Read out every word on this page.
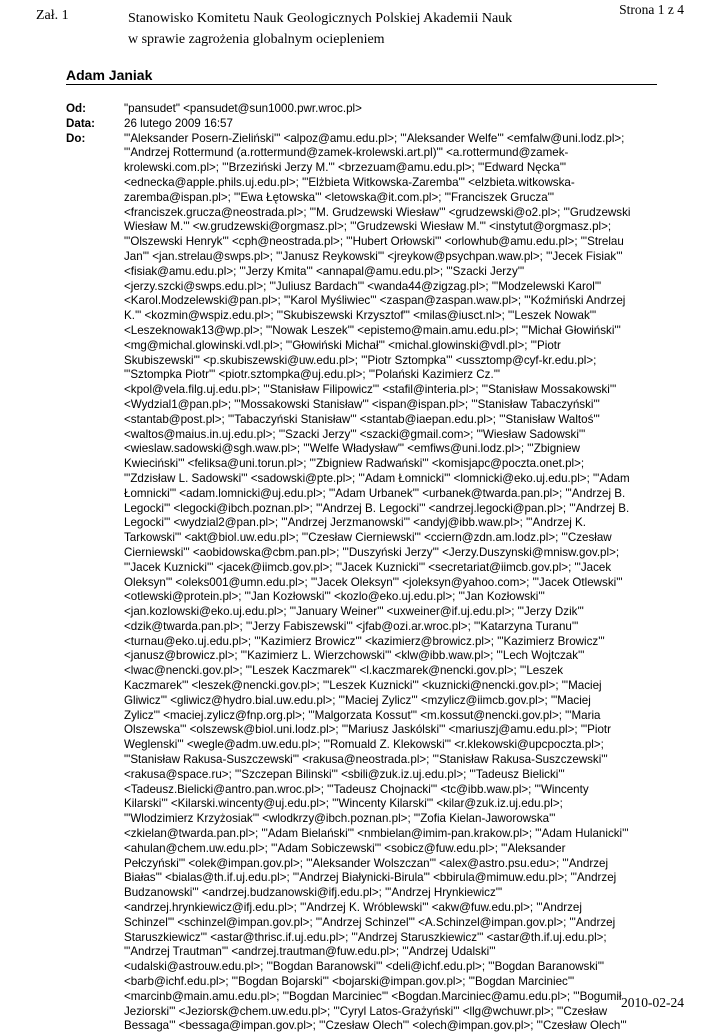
Zał. 1	Stanowisko Komitetu Nauk Geologicznych Polskiej Akademii Nauk
w sprawie zagrożenia globalnym ociepleniem
Strona 1 z 4
Adam Janiak
Od:	"pansudet" <pansudet@sun1000.pwr.wroc.pl>
Data:	26 lutego 2009 16:57
Do:	"'Aleksander Posern-Zieliński'" <alpoz@amu.edu.pl>; "'Aleksander Welfe'" <emfalw@uni.lodz.pl>;
"'Andrzej Rottermund (a.rottermund@zamek-krolewski.art.pl)'" <a.rottermund@zamek-
krolewski.com.pl>; "'Brzeziński Jerzy M.'" <brzezuam@amu.edu.pl>; "'Edward Nęcka'"
<ednecka@apple.phils.uj.edu.pl>; "'Elżbieta Witkowska-Zaremba'" <elzbieta.witkowska-
zaremba@ispan.pl>; "'Ewa Łętowska'" <letowska@it.com.pl>; "'Franciszek Grucza'"
<franciszek.grucza@neostrada.pl>; "'M. Grudzewski Wiesław'" <grudzewski@o2.pl>; "'Grudzewski
Wiesław M.'" <w.grudzewski@orgmasz.pl>; "'Grudzewski Wiesław M.'" <instytut@orgmasz.pl>;
"'Olszewski Henryk'" <cph@neostrada.pl>; "'Hubert Orłowski'" <orlowhub@amu.edu.pl>; "'Strelau
Jan'" <jan.strelau@swps.pl>; "'Janusz Reykowski'" <jreykow@psychpan.waw.pl>; "'Jecek Fisiak'"
<fisiak@amu.edu.pl>; "'Jerzy Kmita'" <annapal@amu.edu.pl>; "'Szacki Jerzy'"
<jerzy.szcki@swps.edu.pl>; "'Juliusz Bardach'" <wanda44@zigzag.pl>; "'Modzelewski Karol'"
<Karol.Modzelewski@pan.pl>; "'Karol Myśliwiec'" <zaspan@zaspan.waw.pl>; "'Koźmiński Andrzej
K.'" <kozmin@wspiz.edu.pl>; "'Skubiszewski Krzysztof'" <milas@iusct.nl>; "'Leszek Nowak'"
<Leszeknowak13@wp.pl>; "'Nowak Leszek'" <epistemo@main.amu.edu.pl>; "'Michał Głowiński'"
<mg@michal.glowinski.vdl.pl>; "'Głowiński Michał'" <michal.glowinski@vdl.pl>; "'Piotr
Skubiszewski'" <p.skubiszewski@uw.edu.pl>; "'Piotr Sztompka'" <ussztomp@cyf-kr.edu.pl>;
"'Sztompka Piotr'" <piotr.sztompka@uj.edu.pl>; "'Polański Kazimierz Cz.'"
<kpol@vela.filg.uj.edu.pl>; "'Stanisław Filipowicz'" <stafil@interia.pl>; "'Stanisław Mossakowski'"
<Wydzial1@pan.pl>; "'Mossakowski Stanisław'" <ispan@ispan.pl>; "'Stanisław Tabaczyński'"
<stantab@post.pl>; "'Tabaczyński Stanisław'" <stantab@iaepan.edu.pl>; "'Stanisław Waltoś'"
<waltos@maius.in.uj.edu.pl>; "'Szacki Jerzy'" <szacki@gmail.com>; "'Wiesław Sadowski'"
<wieslaw.sadowski@sgh.waw.pl>; "'Welfe Władysław'" <emfiws@uni.lodz.pl>; "'Zbigniew
Kwieciński'" <feliksa@uni.torun.pl>; "'Zbigniew Radwański'" <komisjapc@poczta.onet.pl>;
"'Zdzisław L. Sadowski'" <sadowski@pte.pl>; "'Adam Łomnicki'" <lomnicki@eko.uj.edu.pl>; "'Adam
Łomnicki'" <adam.lomnicki@uj.edu.pl>; "'Adam Urbanek'" <urbanek@twarda.pan.pl>; "'Andrzej B.
Legocki'" <legocki@ibch.poznan.pl>; "'Andrzej B. Legocki'" <andrzej.legocki@pan.pl>; "'Andrzej B.
Legocki'" <wydzial2@pan.pl>; "'Andrzej Jerzmanowski'" <andyj@ibb.waw.pl>; "'Andrzej K.
Tarkowski'" <akt@biol.uw.edu.pl>; "'Czesław Cierniewski'" <cciern@zdn.am.lodz.pl>; "'Czesław
Cierniewski'" <aobidowska@cbm.pan.pl>; "'Duszyński Jerzy'" <Jerzy.Duszynski@mnisw.gov.pl>;
"'Jacek Kuznicki'" <jacek@iimcb.gov.pl>; "'Jacek Kuznicki'" <secretariat@iimcb.gov.pl>; "'Jacek
Oleksyn'" <oleks001@umn.edu.pl>; "'Jacek Oleksyn'" <joleksyn@yahoo.com>; "'Jacek Otlewski'"
<otlewski@protein.pl>; "'Jan Kozłowski'" <kozlo@eko.uj.edu.pl>; "'Jan Kozłowski'"
<jan.kozlowski@eko.uj.edu.pl>; "'January Weiner'" <uxweiner@if.uj.edu.pl>; "'Jerzy Dzik'"
<dzik@twarda.pan.pl>; "'Jerzy Fabiszewski'" <jfab@ozi.ar.wroc.pl>; "'Katarzyna Turanu'"
<turnau@eko.uj.edu.pl>; "'Kazimierz Browicz'" <kazimierz@browicz.pl>; "'Kazimierz Browicz'"
<janusz@browicz.pl>; "'Kazimierz L. Wierzchowski'" <klw@ibb.waw.pl>; "'Lech Wojtczak'"
<lwac@nencki.gov.pl>; "'Leszek Kaczmarek'" <l.kaczmarek@nencki.gov.pl>; "'Leszek
Kaczmarek'" <leszek@nencki.gov.pl>; "'Leszek Kuznicki'" <kuznicki@nencki.gov.pl>; "'Maciej
Gliwicz'" <gliwicz@hydro.bial.uw.edu.pl>; "'Maciej Zylicz'" <mzylicz@iimcb.gov.pl>; "'Maciej
Zylicz'" <maciej.zylicz@fnp.org.pl>; "'Malgorzata Kossut'" <m.kossut@nencki.gov.pl>; "'Maria
Olszewska'" <olszewsk@biol.uni.lodz.pl>; "'Mariusz Jaskólski'" <mariuszj@amu.edu.pl>; "'Piotr
Weglenski'" <wegle@adm.uw.edu.pl>; "'Romuald Z. Klekowski'" <r.klekowski@upcpoczta.pl>;
"'Stanisław Rakusa-Suszczewski'" <rakusa@neostrada.pl>; "'Stanisław Rakusa-Suszczewski'"
<rakusa@space.ru>; "'Szczepan Bilinski'" <sbili@zuk.iz.uj.edu.pl>; "'Tadeusz Bielicki'"
<Tadeusz.Bielicki@antro.pan.wroc.pl>; "'Tadeusz Chojnacki'" <tc@ibb.waw.pl>; "'Wincenty
Kilarski'" <Kilarski.wincenty@uj.edu.pl>; "'Wincenty Kilarski'" <kilar@zuk.iz.uj.edu.pl>;
"'Wlodzimierz Krzyżosiak'" <wlodkrzy@ibch.poznan.pl>; "'Zofia Kielan-Jaworowska'"
<zkielan@twarda.pan.pl>; "'Adam Bielański'" <nmbielan@imim-pan.krakow.pl>; "'Adam Hulanicki'"
<ahulan@chem.uw.edu.pl>; "'Adam Sobiczewski'" <sobicz@fuw.edu.pl>; "'Aleksander
Pełczyński'" <olek@impan.gov.pl>; "'Aleksander Wolszczan'" <alex@astro.psu.edu>; "'Andrzej
Białas'" <bialas@th.if.uj.edu.pl>; "'Andrzej Białynicki-Birula'" <bbirula@mimuw.edu.pl>; "'Andrzej
Budzanowski'" <andrzej.budzanowski@ifj.edu.pl>; "'Andrzej Hrynkiewicz'"
<andrzej.hrynkiewicz@ifj.edu.pl>; "'Andrzej K. Wróblewski'" <akw@fuw.edu.pl>; "'Andrzej
Schinzel'" <schinzel@impan.gov.pl>; "'Andrzej Schinzel'" <A.Schinzel@impan.gov.pl>; "'Andrzej
Staruszkiewicz'" <astar@thrisc.if.uj.edu.pl>; "'Andrzej Staruszkiewicz'" <astar@th.if.uj.edu.pl>;
"'Andrzej Trautman'" <andrzej.trautman@fuw.edu.pl>; "'Andrzej Udalski'"
<udalski@astrouw.edu.pl>; "'Bogdan Baranowski'" <deli@ichf.edu.pl>; "'Bogdan Baranowski'"
<barb@ichf.edu.pl>; "'Bogdan Bojarski'" <bojarski@impan.gov.pl>; "'Bogdan Marciniec'"
<marcinb@main.amu.edu.pl>; "'Bogdan Marciniec'" <Bogdan.Marciniec@amu.edu.pl>; "'Bogumił
Jeziorski'" <Jeziorsk@chem.uw.edu.pl>; "'Cyryl Latos-Grażyński'" <llg@wchuwr.pl>; "'Czesław
Bessaga'" <bessaga@impan.gov.pl>; "'Czesław Olech'" <olech@impan.gov.pl>; "'Czesław Olech'"
2010-02-24
